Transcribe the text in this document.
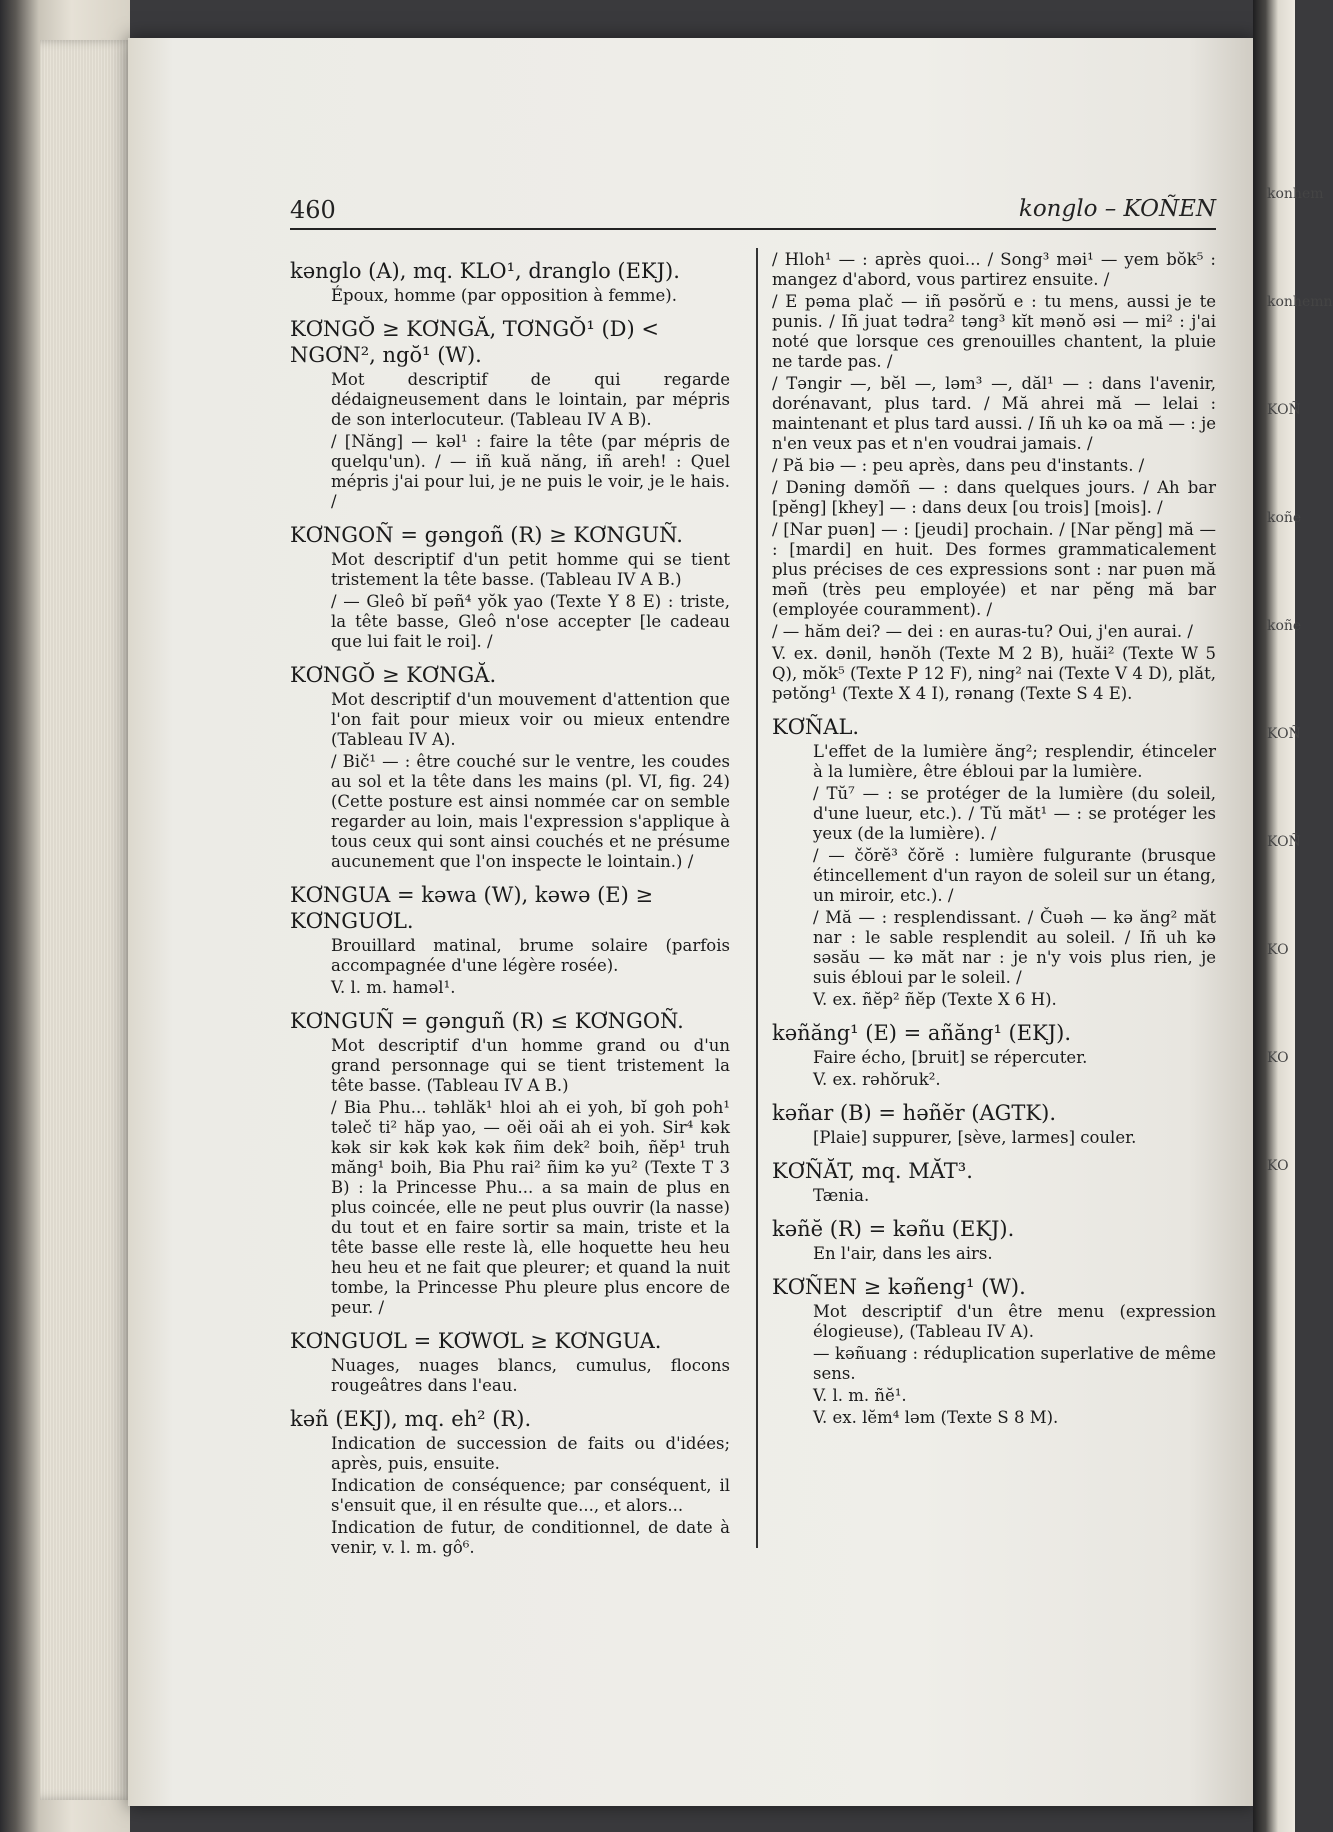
konhem
konhemn
KOÑ
koñe
koñe
KOÑ
KOÑ
KO
KO
KO
460	konglo – KOÑEN
kənglo (A), mq. KLO¹, dranglo (EKJ).

Époux, homme (par opposition à femme).

KƠNGŎ ≥ KƠNGĂ, TƠNGŎ¹ (D) < NGƠN², ngŏ¹ (W).

Mot descriptif de qui regarde dédaigneusement dans le lointain, par mépris de son interlocuteur. (Tableau IV A B).

/ [Năng] — kəl¹ : faire la tête (par mépris de quelqu'un). / — iñ kuă năng, iñ areh! : Quel mépris j'ai pour lui, je ne puis le voir, je le hais. /

KƠNGOÑ = gəngoñ (R) ≥ KƠNGUÑ.

Mot descriptif d'un petit homme qui se tient tristement la tête basse. (Tableau IV A B.)

/ — Gleô bĭ pəñ⁴ yŏk yao (Texte Y 8 E) : triste, la tête basse, Gleô n'ose accepter [le cadeau que lui fait le roi]. /

KƠNGŎ ≥ KƠNGĂ.

Mot descriptif d'un mouvement d'attention que l'on fait pour mieux voir ou mieux entendre (Tableau IV A).

/ Bič¹ — : être couché sur le ventre, les coudes au sol et la tête dans les mains (pl. VI, fig. 24) (Cette posture est ainsi nommée car on semble regarder au loin, mais l'expression s'applique à tous ceux qui sont ainsi couchés et ne présume aucunement que l'on inspecte le lointain.) /

KƠNGUA = kəwa (W), kəwə (E) ≥ KƠNGUƠL.

Brouillard matinal, brume solaire (parfois accompagnée d'une légère rosée).

V. l. m. haməl¹.

KƠNGUÑ = gənguñ (R) ≤ KƠNGOÑ.

Mot descriptif d'un homme grand ou d'un grand personnage qui se tient tristement la tête basse. (Tableau IV A B.)

/ Bia Phu... təhlăk¹ hloi ah ei yoh, bĭ goh poh¹ təleč ti² hăp yao, — oĕi oăi ah ei yoh. Sir⁴ kək kək sir kək kək kək ñim dek² boih, ñĕp¹ truh măng¹ boih, Bia Phu rai² ñim kə yu² (Texte T 3 B) : la Princesse Phu... a sa main de plus en plus coincée, elle ne peut plus ouvrir (la nasse) du tout et en faire sortir sa main, triste et la tête basse elle reste là, elle hoquette heu heu heu heu et ne fait que pleurer; et quand la nuit tombe, la Princesse Phu pleure plus encore de peur. /

KƠNGUƠL = KƠWƠL ≥ KƠNGUA.

Nuages, nuages blancs, cumulus, flocons rougeâtres dans l'eau.

kəñ (EKJ), mq. eh² (R).

Indication de succession de faits ou d'idées; après, puis, ensuite.

Indication de conséquence; par conséquent, il s'ensuit que, il en résulte que..., et alors...

Indication de futur, de conditionnel, de date à venir, v. l. m. gô⁶.

/ Hloh¹ — : après quoi... / Song³ məi¹ — yem bŏk⁵ : mangez d'abord, vous partirez ensuite. /

/ E pəma plač — iñ pəsŏrŭ e : tu mens, aussi je te punis. / Iñ juat tədra² təng³ kĭt mənŏ əsi — mi² : j'ai noté que lorsque ces grenouilles chantent, la pluie ne tarde pas. /

/ Təngir —, bĕl —, ləm³ —, dăl¹ — : dans l'avenir, dorénavant, plus tard. / Mă ahrei mă — lelai : maintenant et plus tard aussi. / Iñ uh kə oa mă — : je n'en veux pas et n'en voudrai jamais. /

/ Pă biə — : peu après, dans peu d'instants. /

/ Dəning dəmŏñ — : dans quelques jours. / Ah bar [pĕng] [khey] — : dans deux [ou trois] [mois]. /

/ [Nar puən] — : [jeudi] prochain. / [Nar pĕng] mă — : [mardi] en huit. Des formes grammaticalement plus précises de ces expressions sont : nar puən mă məñ (très peu employée) et nar pĕng mă bar (employée couramment). /

/ — hăm dei? — dei : en auras-tu? Oui, j'en aurai. /

V. ex. dənil, hənŏh (Texte M 2 B), huăi² (Texte W 5 Q), mŏk⁵ (Texte P 12 F), ning² nai (Texte V 4 D), plăt, pətŏng¹ (Texte X 4 I), rənang (Texte S 4 E).

KƠÑAL.

L'effet de la lumière ăng²; resplendir, étinceler à la lumière, être ébloui par la lumière.

/ Tŭ⁷ — : se protéger de la lumière (du soleil, d'une lueur, etc.). / Tŭ măt¹ — : se protéger les yeux (de la lumière). /

/ — čŏrĕ³ čŏrĕ : lumière fulgurante (brusque étincellement d'un rayon de soleil sur un étang, un miroir, etc.). /

/ Mă — : resplendissant. / Čuəh — kə ăng² măt nar : le sable resplendit au soleil. / Iñ uh kə səsău — kə măt nar : je n'y vois plus rien, je suis ébloui par le soleil. /

V. ex. ñĕp² ñĕp (Texte X 6 H).

kəñăng¹ (E) = añăng¹ (EKJ).

Faire écho, [bruit] se répercuter.

V. ex. rəhŏruk².

kəñar (B) = həñĕr (AGTK).

[Plaie] suppurer, [sève, larmes] couler.

KƠÑĂT, mq. MĂT³.

Tænia.

kəñĕ (R) = kəñu (EKJ).

En l'air, dans les airs.

KƠÑEN ≥ kəñeng¹ (W).

Mot descriptif d'un être menu (expression élogieuse), (Tableau IV A).

— kəñuang : réduplication superlative de même sens.

V. l. m. ñĕ¹.

V. ex. lĕm⁴ ləm (Texte S 8 M).
